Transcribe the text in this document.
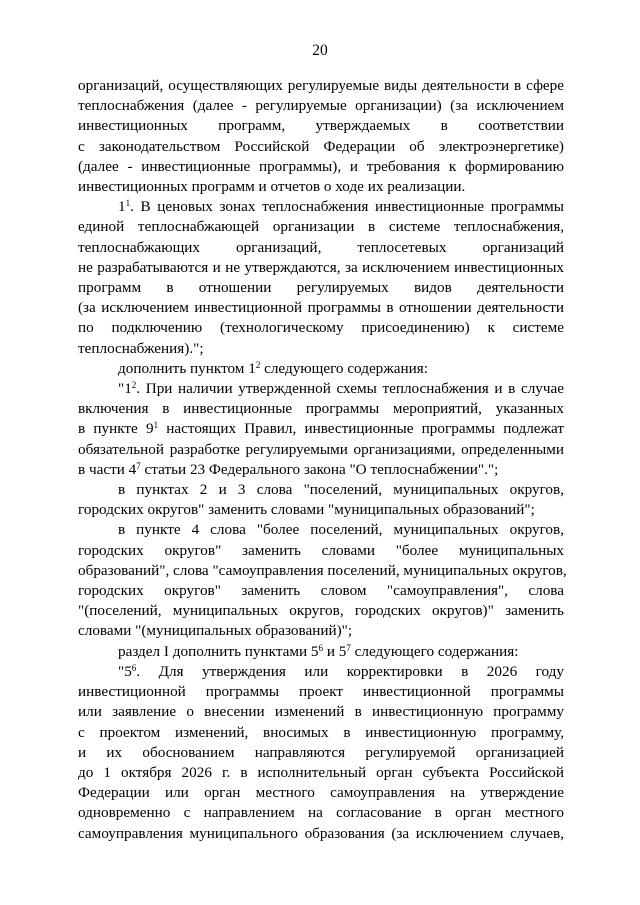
20
организаций, осуществляющих регулируемые виды деятельности в сфере
теплоснабжения (далее - регулируемые организации) (за исключением
инвестиционных программ, утверждаемых в соответствии
с законодательством Российской Федерации об электроэнергетике)
(далее - инвестиционные программы), и требования к формированию
инвестиционных программ и отчетов о ходе их реализации.
$1^1$. В ценовых зонах теплоснабжения инвестиционные программы
единой теплоснабжающей организации в системе теплоснабжения,
теплоснабжающих организаций, теплосетевых организаций
не разрабатываются и не утверждаются, за исключением инвестиционных
программ в отношении регулируемых видов деятельности
(за исключением инвестиционной программы в отношении деятельности
по подключению (технологическому присоединению) к системе
теплоснабжения).";
дополнить пунктом $1^2$ следующего содержания:
"$1^2$. При наличии утвержденной схемы теплоснабжения и в случае
включения в инвестиционные программы мероприятий, указанных
в пункте $9^1$ настоящих Правил, инвестиционные программы подлежат
обязательной разработке регулируемыми организациями, определенными
в части $4^7$ статьи 23 Федерального закона "О теплоснабжении".";
в пунктах 2 и 3 слова "поселений, муниципальных округов,
городских округов" заменить словами "муниципальных образований";
в пункте 4 слова "более поселений, муниципальных округов,
городских округов" заменить словами "более муниципальных
образований", слова "самоуправления поселений, муниципальных округов,
городских округов" заменить словом "самоуправления", слова
"(поселений, муниципальных округов, городских округов)" заменить
словами "(муниципальных образований)";
раздел I дополнить пунктами $5^6$ и $5^7$ следующего содержания:
"$5^6$. Для утверждения или корректировки в 2026 году
инвестиционной программы проект инвестиционной программы
или заявление о внесении изменений в инвестиционную программу
с проектом изменений, вносимых в инвестиционную программу,
и их обоснованием направляются регулируемой организацией
до 1 октября 2026 г. в исполнительный орган субъекта Российской
Федерации или орган местного самоуправления на утверждение
одновременно с направлением на согласование в орган местного
самоуправления муниципального образования (за исключением случаев,
